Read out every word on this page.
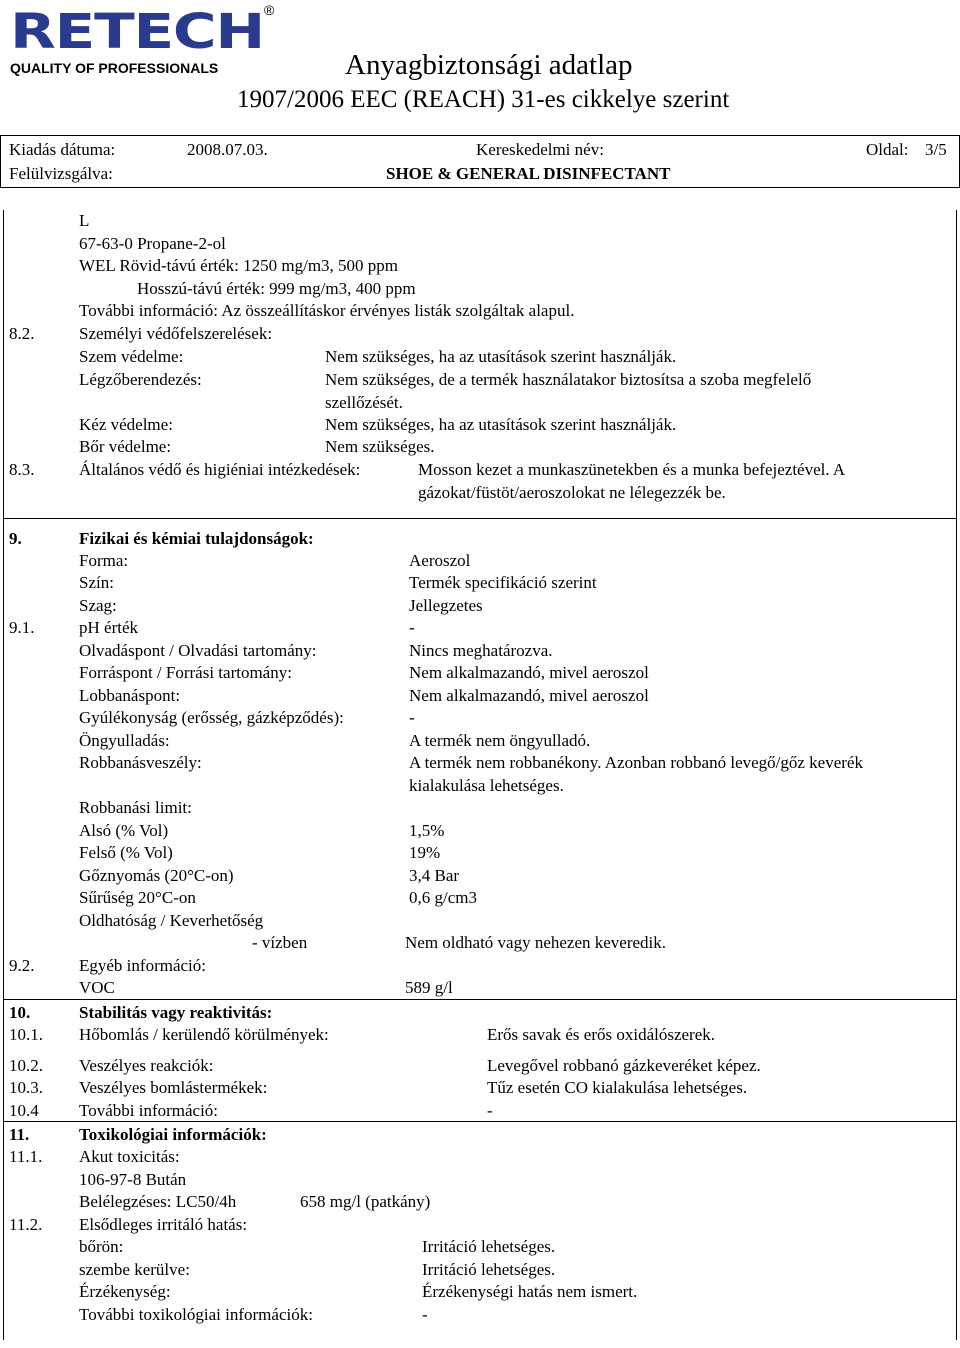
RETECH ®
QUALITY OF PROFESSIONALS	Anyagbiztonsági adatlap
1907/2006 EEC (REACH) 31-es cikkelye szerint
Kiadás dátuma:	2008.07.03.
Felülvizsgálva:
Kereskedelmi név:
SHOE & GENERAL DISINFECTANT
Oldal: 3/5
L
67-63-0 Propane-2-ol
WEL Rövid-távú érték: 1250 mg/m3, 500 ppm
Hosszú-távú érték: 999 mg/m3, 400 ppm
További információ: Az összeállításkor érvényes listák szolgáltak alapul.
8.2.	Személyi védőfelszerelések:
Szem védelme:	Nem szükséges, ha az utasítások szerint használják.
Légzőberendezés:	Nem szükséges, de a termék használatakor biztosítsa a szoba megfelelő
szellőzését.
Kéz védelme:	Nem szükséges, ha az utasítások szerint használják.
Bőr védelme:	Nem szükséges.
8.3.	Általános védő és higiéniai intézkedések:	Mosson kezet a munkaszünetekben és a munka befejeztével. A
gázokat/füstöt/aeroszolokat ne lélegezzék be.
9.	Fizikai és kémiai tulajdonságok:
Forma:	Aeroszol
Szín:	Termék specifikáció szerint
Szag:	Jellegzetes
9.1.	pH érték	-
Olvadáspont / Olvadási tartomány:	Nincs meghatározva.
Forráspont / Forrási tartomány:	Nem alkalmazandó, mivel aeroszol
Lobbanáspont:	Nem alkalmazandó, mivel aeroszol
Gyúlékonyság (erősség, gázképződés):	-
Öngyulladás:	A termék nem öngyulladó.
Robbanásveszély:	A termék nem robbanékony. Azonban robbanó levegő/gőz keverék
kialakulása lehetséges.
Robbanási limit:
Alsó (% Vol)	1,5%
Felső (% Vol)	19%
Gőznyomás (20°C-on)	3,4 Bar
Sűrűség 20°C-on	0,6 g/cm3
Oldhatóság / Keverhetőség
- vízben	Nem oldható vagy nehezen keveredik.
9.2.	Egyéb információ:
VOC	589 g/l
10.	Stabilitás vagy reaktivitás:
10.1. Hőbomlás / kerülendő körülmények:	Erős savak és erős oxidálószerek.
10.2. Veszélyes reakciók:	Levegővel robbanó gázkeveréket képez.
10.3. Veszélyes bomlástermékek:	Tűz esetén CO kialakulása lehetséges.
10.4 További információ:	-
11.	Toxikológiai információk:
11.1. Akut toxicitás:
106-97-8 Bután
Belélegzéses: LC50/4h	658 mg/l (patkány)
11.2. Elsődleges irritáló hatás:
bőrön:	Irritáció lehetséges.
szembe kerülve:	Irritáció lehetséges.
Érzékenység:	Érzékenységi hatás nem ismert.
További toxikológiai információk:	-
